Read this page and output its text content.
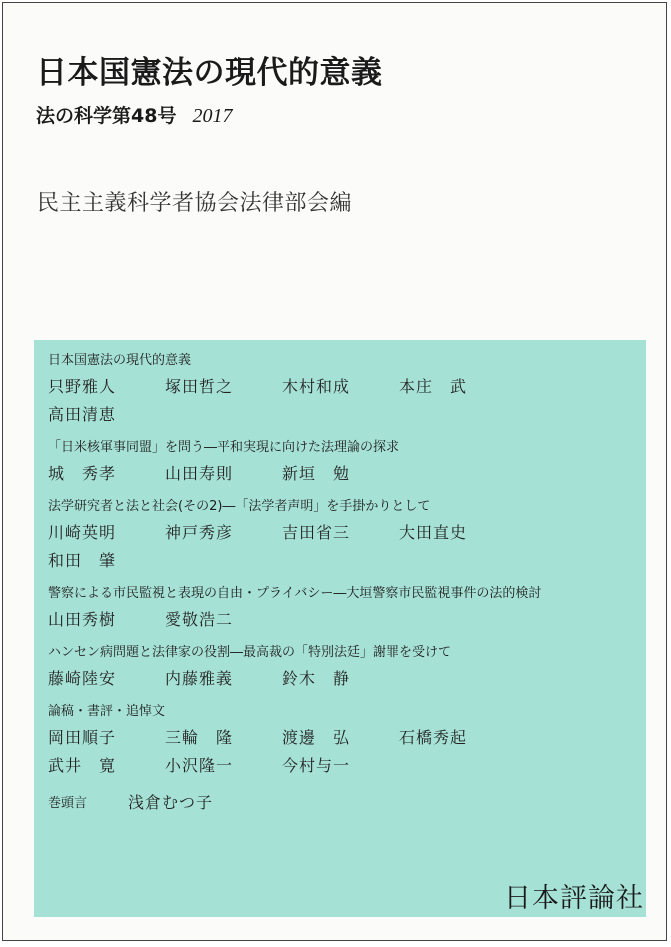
日本国憲法の現代的意義
法の科学第48号 2017
民主主義科学者協会法律部会編
日本国憲法の現代的意義
只野雅人	塚田哲之	木村和成	本庄　武
高田清恵
「日米核軍事同盟」を問う―平和実現に向けた法理論の探求
城　秀孝	山田寿則	新垣　勉
法学研究者と法と社会(その2)―「法学者声明」を手掛かりとして
川崎英明	神戸秀彦	吉田省三	大田直史
和田　肇
警察による市民監視と表現の自由・プライバシー―大垣警察市民監視事件の法的検討
山田秀樹	愛敬浩二
ハンセン病問題と法律家の役割―最高裁の「特別法廷」謝罪を受けて
藤崎陸安	内藤雅義	鈴木　静
論稿・書評・追悼文
岡田順子	三輪　隆	渡邊　弘	石橋秀起
武井　寛	小沢隆一	今村与一
巻頭言	浅倉むつ子
日本評論社
